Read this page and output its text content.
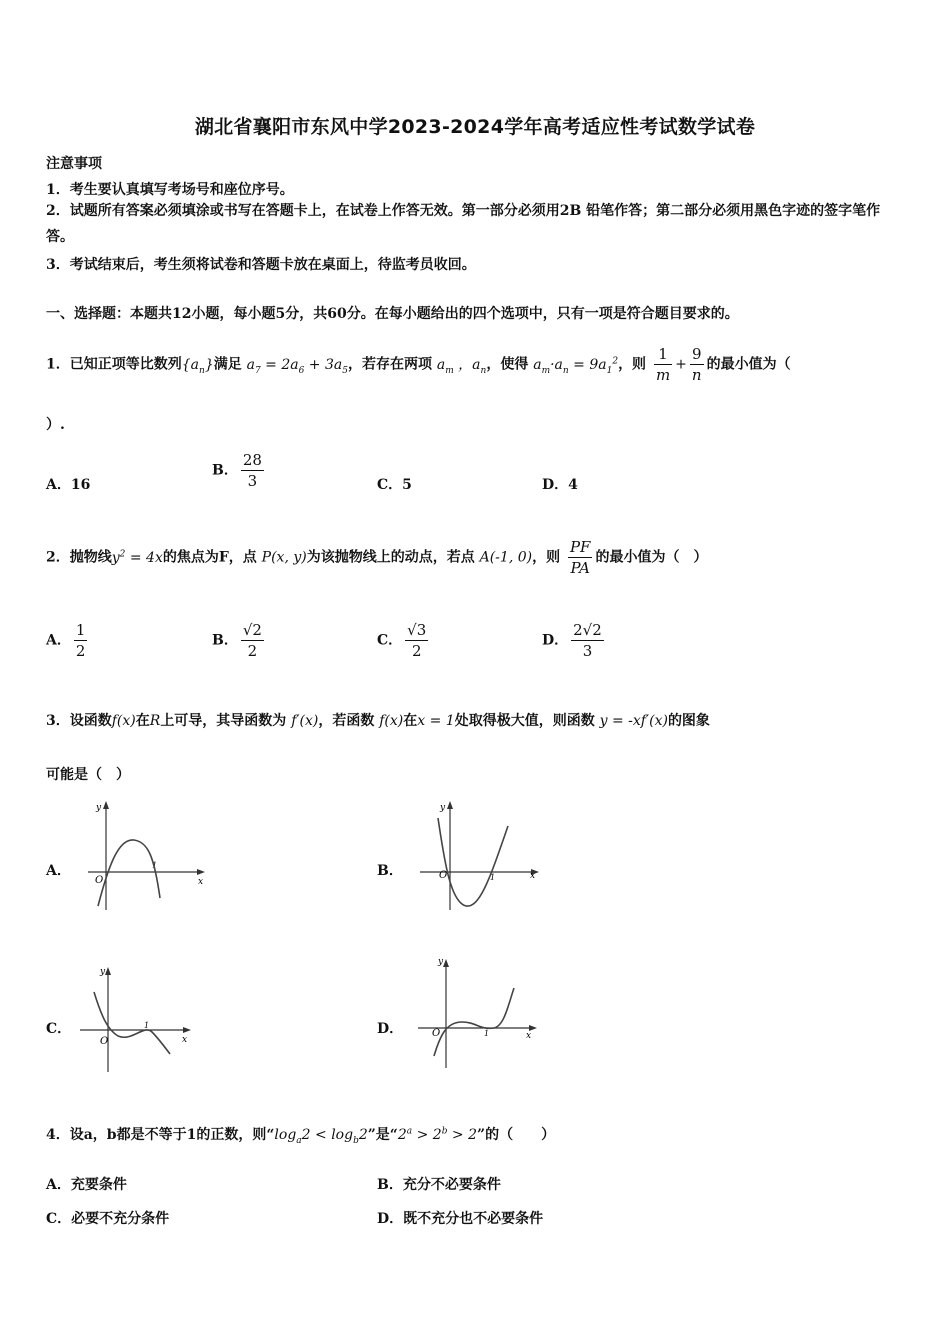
湖北省襄阳市东风中学2023-2024学年高考适应性考试数学试卷
注意事项
1．考生要认真填写考场号和座位序号。
2．试题所有答案必须填涂或书写在答题卡上，在试卷上作答无效。第一部分必须用2B 铅笔作答；第二部分必须用黑色字迹的签字笔作答。
3．考试结束后，考生须将试卷和答题卡放在桌面上，待监考员收回。
一、选择题：本题共12小题，每小题5分，共60分。在每小题给出的四个选项中，只有一项是符合题目要求的。
1．已知正项等比数列$\{a_n\}$满足 $a_7 = 2a_6 + 3a_5$，若存在两项 $a_m$ ，$a_n$，使得 $a_m\cdot a_n = 9a_1^2$，则 $\frac{1}{m} + \frac{9}{n}$ 的最小值为（
）.
A．16
B． $\frac{28}{3}$	C．5	D．4
2．抛物线$y^2 = 4x$的焦点为F，点 P(x, y)为该抛物线上的动点，若点 A(-1, 0)，则 $\frac{PF}{PA}$ 的最小值为（　）
A． $\frac{1}{2}$	B． $\frac{√2}{2}$	C． $\frac{√3}{2}$	D． $\frac{2√2}{3}$
3．设函数f(x)在R上可导，其导函数为 f′(x)，若函数 f(x)在x = 1处取得极大值，则函数 y = -xf′(x)的图象
可能是（　）
A．	B．
C．	D．
y
x
O
1
y
x
O	1
y
x
O
1
y
x
O	1
4．设a，b都是不等于1的正数，则“$\log_a2 < \log_b2$”是“$2^a > 2^b > 2$”的（　　）
A．充要条件	B．充分不必要条件
C．必要不充分条件	D．既不充分也不必要条件
